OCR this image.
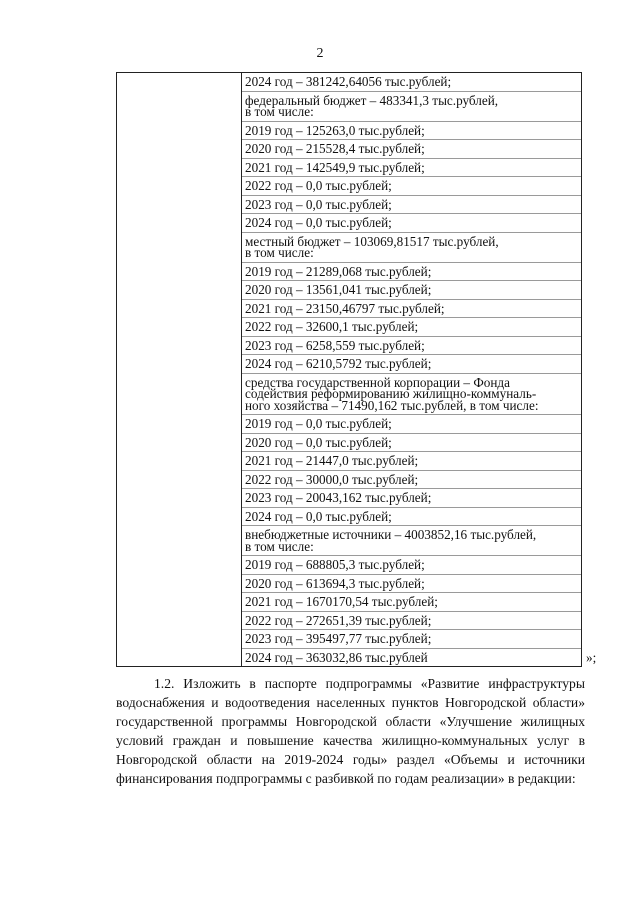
2

2024 год – 381242,64056 тыс.рублей;
федеральный бюджет – 483341,3 тыс.рублей,
в том числе:
2019 год – 125263,0 тыс.рублей;
2020 год – 215528,4 тыс.рублей;
2021 год – 142549,9 тыс.рублей;
2022 год – 0,0 тыс.рублей;
2023 год – 0,0 тыс.рублей;
2024 год – 0,0 тыс.рублей;
местный бюджет – 103069,81517 тыс.рублей,
в том числе:
2019 год – 21289,068 тыс.рублей;
2020 год – 13561,041 тыс.рублей;
2021 год – 23150,46797 тыс.рублей;
2022 год – 32600,1 тыс.рублей;
2023 год – 6258,559 тыс.рублей;
2024 год – 6210,5792 тыс.рублей;
средства государственной корпорации – Фонда
содействия реформированию жилищно-коммуналь-
ного хозяйства – 71490,162 тыс.рублей, в том числе:
2019 год – 0,0 тыс.рублей;
2020 год – 0,0 тыс.рублей;
2021 год – 21447,0 тыс.рублей;
2022 год – 30000,0 тыс.рублей;
2023 год – 20043,162 тыс.рублей;
2024 год – 0,0 тыс.рублей;
внебюджетные источники – 4003852,16 тыс.рублей,
в том числе:
2019 год – 688805,3 тыс.рублей;
2020 год – 613694,3 тыс.рублей;
2021 год – 1670170,54 тыс.рублей;
2022 год – 272651,39 тыс.рублей;
2023 год – 395497,77 тыс.рублей;
2024 год – 363032,86 тыс.рублей	»;

1.2. Изложить в паспорте подпрограммы «Развитие инфраструктуры водоснабжения и водоотведения населенных пунктов Новгородской области» государственной программы Новгородской области «Улучшение жилищных условий граждан и повышение качества жилищно-коммунальных услуг в Новгородской области на 2019-2024 годы» раздел «Объемы и источники финансирования подпрограммы с разбивкой по годам реализации» в редакции:
